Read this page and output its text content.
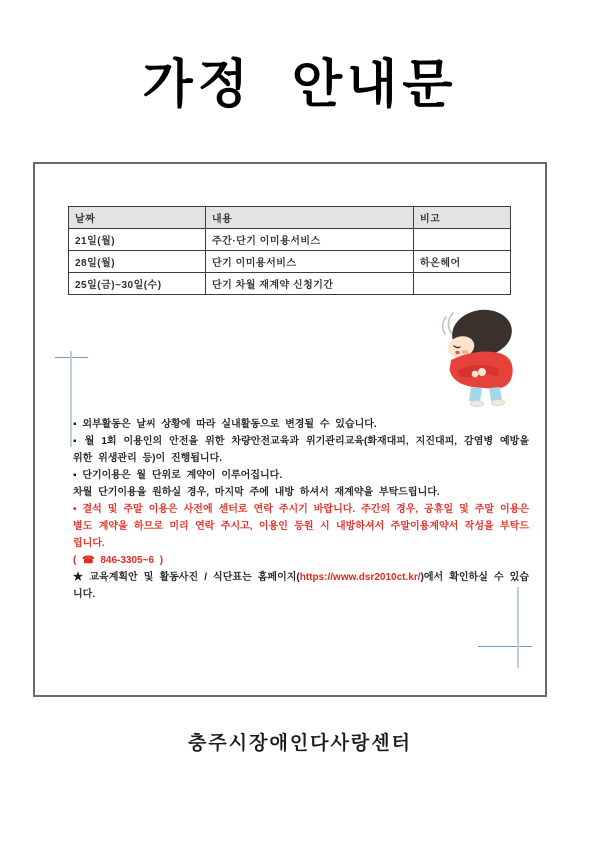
가정  안내문
날짜	내용	비고
21일(월)	주간·단기 이미용서비스	
28일(월)	단기 이미용서비스	하온헤어
25일(금)~30일(수)	단기 차월 재계약 신청기간	
▪ 외부활동은 날씨 상황에 따라 실내활동으로 변경될 수 있습니다.
▪ 월 1회 이용인의 안전을 위한 차량안전교육과 위기관리교육(화재대피, 지진대피, 감염병 예방을 위한 위생관리 등)이 진행됩니다.
▪ 단기이용은 월 단위로 계약이 이루어집니다.
차월 단기이용을 원하실 경우, 마지막 주에 내방 하셔서 재계약을 부탁드립니다.
• 결석 및 주말 이용은 사전에 센터로 연락 주시기 바랍니다. 주간의 경우, 공휴일 및 주말 이용은 별도 계약을 하므로 미리 연락 주시고, 이용인 등원 시 내방하셔서 주말이용계약서 작성을 부탁드립니다.
( ☎ 846-3305~6 )
★ 교육계획안 및 활동사진 / 식단표는 홈페이지(https://www.dsr2010ct.kr/)에서 확인하실 수 있습니다.
충주시장애인다사랑센터
